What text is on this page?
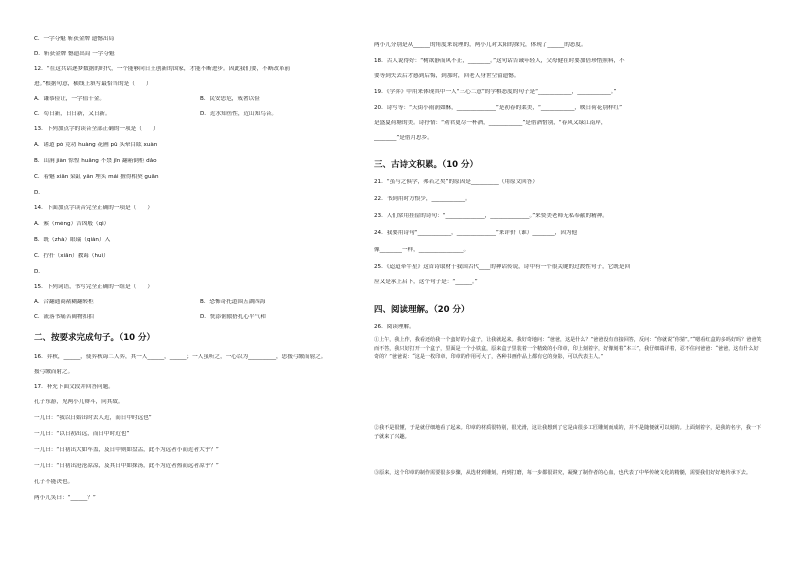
C．一字夺魁 斩获金牌 遗憾出局
D．斩获金牌 憾遗出局 一字夺魁
12．“在这共话逐梦数据的时代，一个能够向日王创新的国家，才能不断进步。因此我们要，不断改革前
进。”根据句意，横线上填写最恰当的是（　　）
A．谦恭俭让，一字值千金。	B．民安思危，戒奢以俭
C．苟日新，日日新，又日新。	D．近水知鱼性，近山知鸟音。
13．下列加点字的读音全部正确的一项是（　　）
A．诸道 pò 竞功 huàng 花圃 pǔ 头晕目眩 xuàn
B．山涧 jiàn 惊惶 huāng 不禁 jīn 翻箱倒柜 dǎo
C．着魅 xiān 染缸 yǎn 埋头 mái 擅得相契 guān
D．
14．下面加点字读音完全正确的一项是（　　）
A．萦（méng）吉凶般（qì）
B．既（zhà）眼瑞（qián）入
C．拧扦（xiān）教诲（huì）
D．
15．下列词语，书写完全正确的一组是（　　）
A．合翻通商裱糊翻转柜	B．恐怖奇托道围五湖四海
C．流落书痛苦阔物扣拍	D．恍添倨傲搭扎心平气和
二、按要求完成句子。（10 分）
16．弈秋，______，使弈秋诲二人弈，其一人______，______；一人虽听之，一心以为__________，思援弓缴而射之。
援弓缴而射之。
17．补充下面文段并回答问题。
孔子东游，见两小儿辩斗，问其故。
一儿曰：“我以日始出时去人近，而日中时远也”
一儿曰：“以日初出远，而日中时近也”
一儿曰：“日初出大如车盖，及日中则如盘盂，此不为远者小而近者大乎？”
一儿曰：“日初出沧沧凉凉，及其日中如探汤，此不为近者热而远者凉乎？”
孔子不能决也。
两小儿笑曰：“______？”
两小儿分别是从______的角度来说理的，两小儿对太阳的探究，体现了______的态度。
18．古人说得好：“树欲静而风不止，________。”这句话告诫年轻人，父母健在时要加倍珍惜照料，不
要等到失去后才感到后悔，到那时，回老人身世空留遗憾。
19．《学弈》中用来体现其中一人“三心二意”的学棋态度的句子是“____________，____________。”
20．诗写等：“天街小雨润如酥，______________”是初春的柔美，“____________，映日荷花别样红”
是盛夏荷塘的美。诗抒情：“劝君更尽一杯酒，____________”是借酒惜别，“春风又绿江南岸，
________”是借月思乡。
三、古诗文积累。（10 分）
21．“虽与之俱学，弗若之矣”的原因是__________（用原文回答）
22．书到用时方恨少，____________。
23．人们常用挂留的诗句：“______________，______________。”来赞美老师无私奉献的精神。
24．我要用诗句“____________，______________”来评价（谁）________，因为他
像________一样，________________。
25．《迢迢牵牛星》这首诗取材于我国古代____的神话传说，诗中有一个很关键的过渡性句子，它既是回
应又是承上启下，这个句子是：“______。”
四、阅读理解。（20 分）
26．阅读理解。
①上午，我上作，我看还给我一个蛮好的小盒子，让我就起来。我好奇地问：“爸爸，这是什么？”爸爸没有直接回答，反问：“你就说“你猜”。”“嗯看红盒的多吗好吗？爸爸笑而不答，我只好打开一个盒子，里面是一个小铁盒，原来盒子里装着一个精致的小印章，印上刻着字，好像刻着“本三”，我仔细端详着，忍不住问爸爸：“爸爸，这有什么好奇的？”爸爸说：“这是一枚印章，印章的作用可大了，各种书画作品上都有它的身影，可以代表主人。”
②我不是很懂，于是就仔细地看了起来。印章的材质很特别，很光滑，这让我想到了它是由很多工匠雕刻而成的，并不是随便就可以刻的。上面刻着字，是我的名字，我一下子就来了兴趣。
③原来，这个印章的制作需要很多步骤，从选材到雕刻，再到打磨，每一步都很讲究，凝聚了制作者的心血，也代表了中华传统文化的精髓，需要我们好好地传承下去。
